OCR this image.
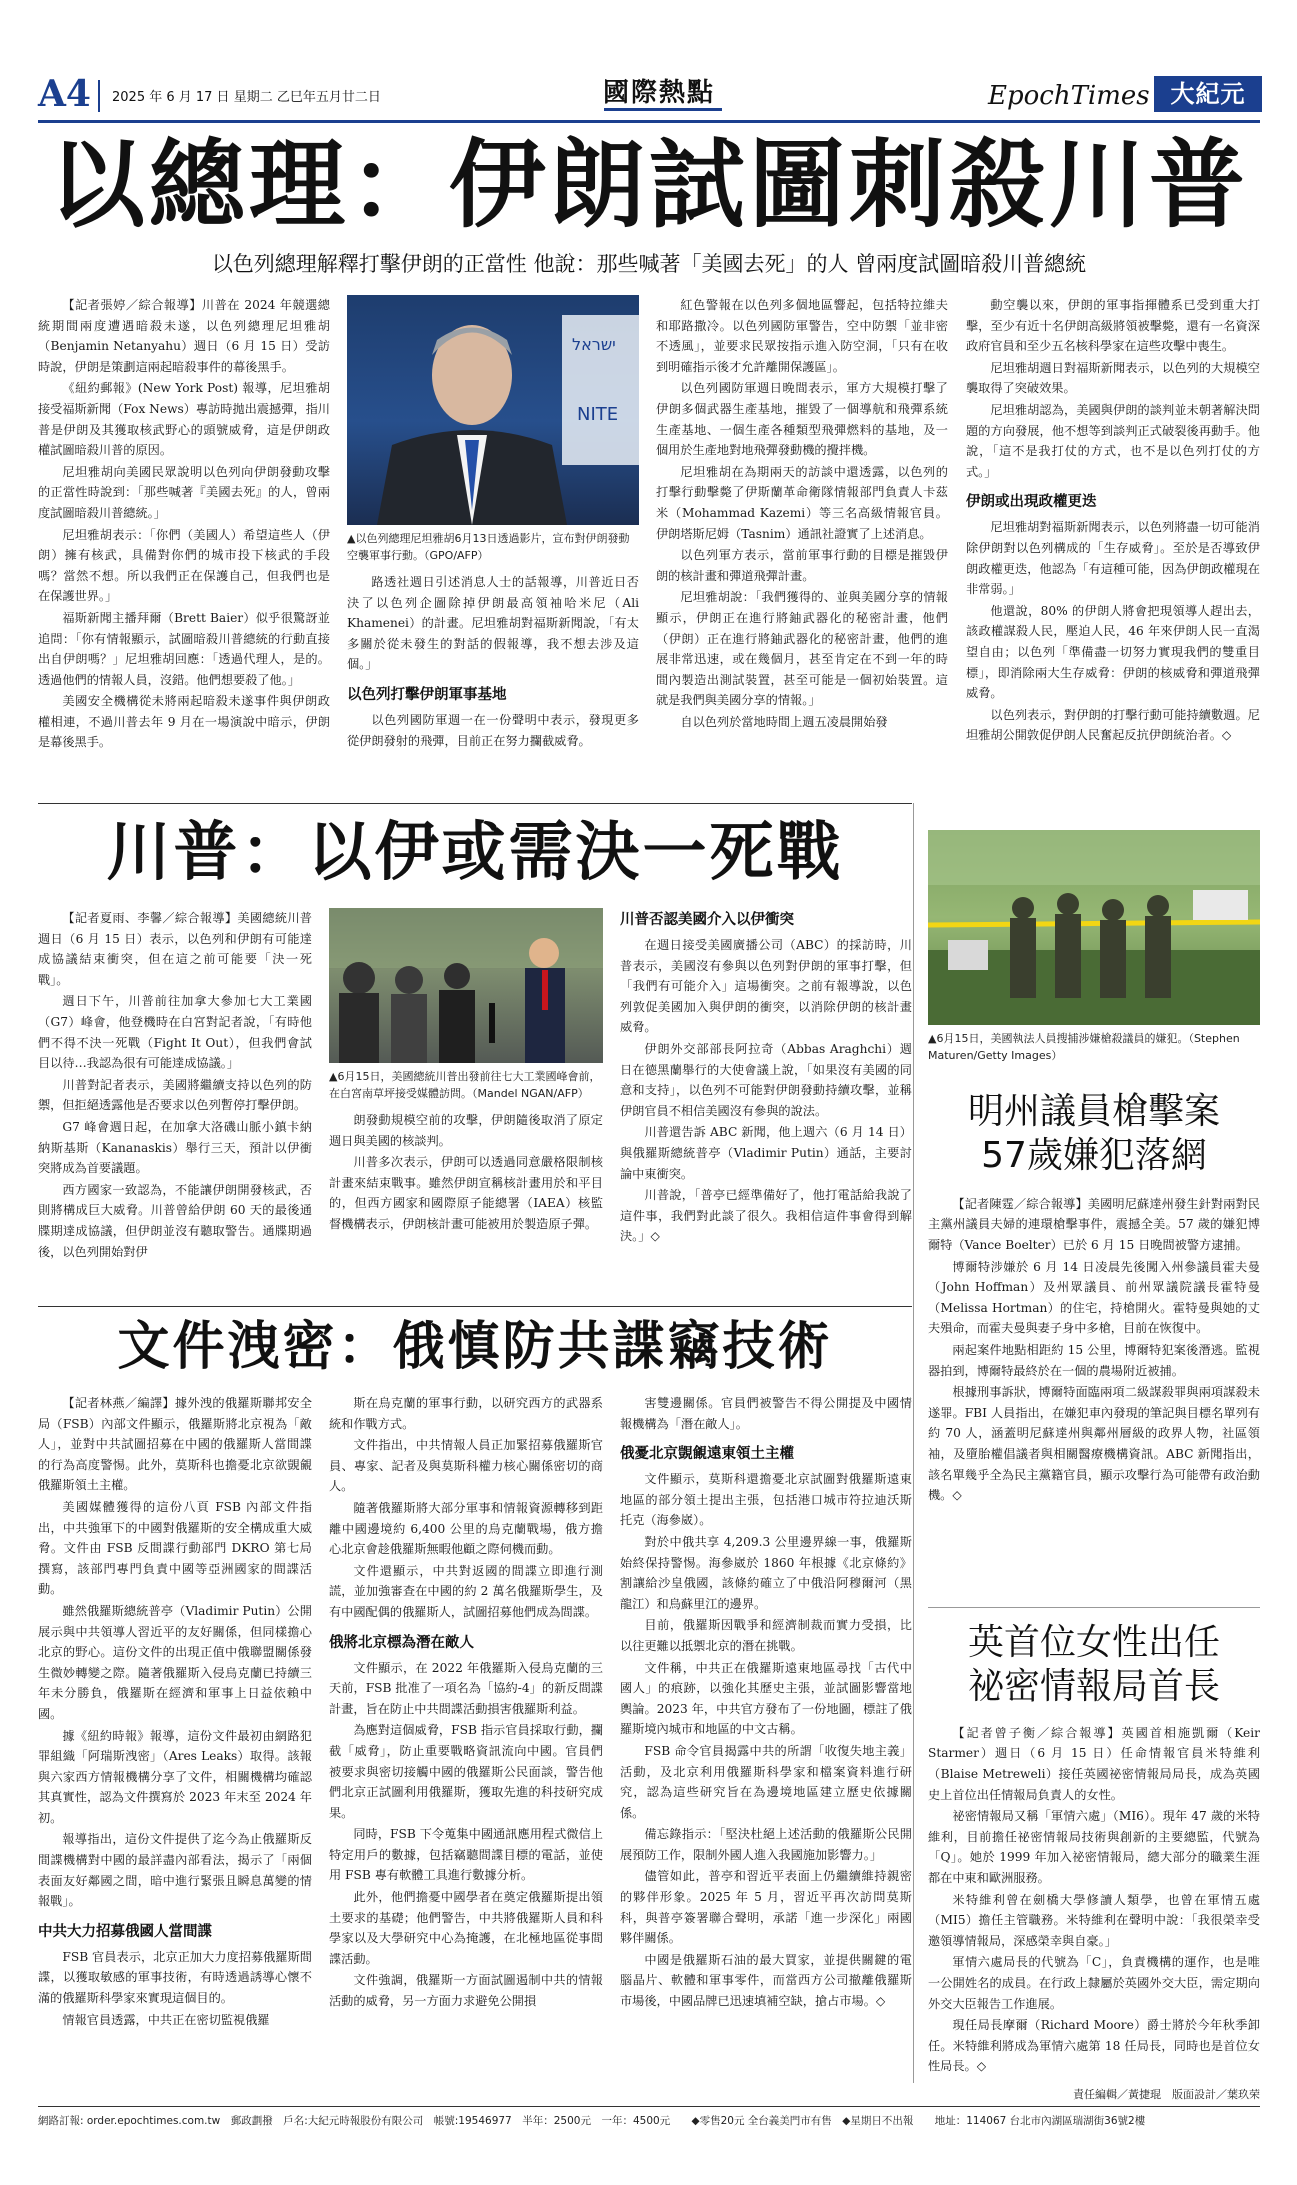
A4 2025 年 6 月 17 日 星期二 乙巳年五月廿二日	國際熱點	EpochTimes 大紀元
以總理：伊朗試圖刺殺川普
以色列總理解釋打擊伊朗的正當性 他說：那些喊著「美國去死」的人 曾兩度試圖暗殺川普總統

【記者張婷／綜合報導】川普在 2024 年競選總統期間兩度遭遇暗殺未遂，以色列總理尼坦雅胡（Benjamin Netanyahu）週日（6 月 15 日）受訪時說，伊朗是策劃這兩起暗殺事件的幕後黑手。

《紐約郵報》(New York Post) 報導，尼坦雅胡接受福斯新聞（Fox News）專訪時拋出震撼彈，指川普是伊朗及其獲取核武野心的頭號威脅，這是伊朗政權試圖暗殺川普的原因。

尼坦雅胡向美國民眾說明以色列向伊朗發動攻擊的正當性時說到：「那些喊著『美國去死』的人，曾兩度試圖暗殺川普總統。」

尼坦雅胡表示：「你們（美國人）希望這些人（伊朗）擁有核武，具備對你們的城市投下核武的手段嗎？當然不想。所以我們正在保護自己，但我們也是在保護世界。」

福斯新聞主播拜爾（Brett Baier）似乎很驚訝並追問：「你有情報顯示，試圖暗殺川普總統的行動直接出自伊朗嗎？」尼坦雅胡回應：「透過代理人，是的。透過他們的情報人員，沒錯。他們想要殺了他。」

美國安全機構從未將兩起暗殺未遂事件與伊朗政權相連，不過川普去年 9 月在一場演說中暗示，伊朗是幕後黑手。

ישראל
NITE
▲以色列總理尼坦雅胡6月13日透過影片，宣布對伊朗發動空襲軍事行動。（GPO/AFP）

路透社週日引述消息人士的話報導，川普近日否決了以色列企圖除掉伊朗最高領袖哈米尼（Ali Khamenei）的計畫。尼坦雅胡對福斯新聞說，「有太多關於從未發生的對話的假報導，我不想去涉及這個。」

以色列打擊伊朗軍事基地

以色列國防軍週一在一份聲明中表示，發現更多從伊朗發射的飛彈，目前正在努力攔截威脅。

紅色警報在以色列多個地區響起，包括特拉維夫和耶路撒冷。以色列國防軍警告，空中防禦「並非密不透風」，並要求民眾按指示進入防空洞，「只有在收到明確指示後才允許離開保護區」。

以色列國防軍週日晚間表示，軍方大規模打擊了伊朗多個武器生產基地，摧毀了一個導航和飛彈系統生產基地、一個生產各種類型飛彈燃料的基地，及一個用於生產地對地飛彈發動機的攪拌機。

尼坦雅胡在為期兩天的訪談中還透露，以色列的打擊行動擊斃了伊斯蘭革命衛隊情報部門負責人卡茲米（Mohammad Kazemi）等三名高級情報官員。伊朗塔斯尼姆（Tasnim）通訊社證實了上述消息。

以色列軍方表示，當前軍事行動的目標是摧毀伊朗的核計畫和彈道飛彈計畫。

尼坦雅胡說：「我們獲得的、並與美國分享的情報顯示，伊朗正在進行將鈾武器化的秘密計畫，他們（伊朗）正在進行將鈾武器化的秘密計畫，他們的進展非常迅速，或在幾個月，甚至肯定在不到一年的時間內製造出測試裝置，甚至可能是一個初始裝置。這就是我們與美國分享的情報。」

自以色列於當地時間上週五凌晨開始發

動空襲以來，伊朗的軍事指揮體系已受到重大打擊，至少有近十名伊朗高級將領被擊斃，還有一名資深政府官員和至少五名核科學家在這些攻擊中喪生。

尼坦雅胡週日對福斯新聞表示，以色列的大規模空襲取得了突破效果。

尼坦雅胡認為，美國與伊朗的談判並未朝著解決問題的方向發展，他不想等到談判正式破裂後再動手。他說，「這不是我打仗的方式，也不是以色列打仗的方式。」

伊朗或出現政權更迭

尼坦雅胡對福斯新聞表示，以色列將盡一切可能消除伊朗對以色列構成的「生存威脅」。至於是否導致伊朗政權更迭，他認為「有這種可能，因為伊朗政權現在非常弱。」

他還說，80% 的伊朗人將會把現領導人趕出去，該政權謀殺人民，壓迫人民，46 年來伊朗人民一直渴望自由；以色列「準備盡一切努力實現我們的雙重目標」，即消除兩大生存威脅：伊朗的核威脅和彈道飛彈威脅。

以色列表示，對伊朗的打擊行動可能持續數週。尼坦雅胡公開敦促伊朗人民奮起反抗伊朗統治者。◇

川普：以伊或需決一死戰

【記者夏雨、李馨／綜合報導】美國總統川普週日（6 月 15 日）表示，以色列和伊朗有可能達成協議結束衝突，但在這之前可能要「決一死戰」。

週日下午，川普前往加拿大參加七大工業國（G7）峰會，他登機時在白宮對記者說，「有時他們不得不決一死戰（Fight It Out），但我們會試目以待…我認為很有可能達成協議。」

川普對記者表示，美國將繼續支持以色列的防禦，但拒絕透露他是否要求以色列暫停打擊伊朗。

G7 峰會週日起，在加拿大洛磯山脈小鎮卡納納斯基斯（Kananaskis）舉行三天，預計以伊衝突將成為首要議題。

西方國家一致認為，不能讓伊朗開發核武，否則將構成巨大威脅。川普曾給伊朗 60 天的最後通牒期達成協議，但伊朗並沒有聽取警告。通牒期過後，以色列開始對伊

▲6月15日，美國總統川普出發前往七大工業國峰會前，在白宮南草坪接受媒體訪問。（Mandel NGAN/AFP）

朗發動規模空前的攻擊，伊朗隨後取消了原定週日與美國的核談判。

川普多次表示，伊朗可以透過同意嚴格限制核計畫來結束戰事。雖然伊朗宣稱核計畫用於和平目的，但西方國家和國際原子能總署（IAEA）核監督機構表示，伊朗核計畫可能被用於製造原子彈。

川普否認美國介入以伊衝突

在週日接受美國廣播公司（ABC）的採訪時，川普表示，美國沒有參與以色列對伊朗的軍事打擊，但「我們有可能介入」這場衝突。之前有報導說，以色列敦促美國加入與伊朗的衝突，以消除伊朗的核計畫威脅。

伊朗外交部部長阿拉奇（Abbas Araghchi）週日在德黑蘭舉行的大使會議上說，「如果沒有美國的同意和支持」，以色列不可能對伊朗發動持續攻擊，並稱伊朗官員不相信美國沒有參與的說法。

川普還告訴 ABC 新聞，他上週六（6 月 14 日）與俄羅斯總統普亭（Vladimir Putin）通話，主要討論中東衝突。

川普說，「普亭已經準備好了，他打電話給我說了這件事，我們對此談了很久。我相信這件事會得到解決。」◇

▲6月15日，美國執法人員搜捕涉嫌槍殺議員的嫌犯。（Stephen Maturen/Getty Images）
明州議員槍擊案
57歲嫌犯落網

【記者陳霆／綜合報導】美國明尼蘇達州發生針對兩對民主黨州議員夫婦的連環槍擊事件，震撼全美。57 歲的嫌犯博爾特（Vance Boelter）已於 6 月 15 日晚間被警方逮捕。

博爾特涉嫌於 6 月 14 日凌晨先後闖入州參議員霍夫曼（John Hoffman）及州眾議員、前州眾議院議長霍特曼（Melissa Hortman）的住宅，持槍開火。霍特曼與她的丈夫殞命，而霍夫曼與妻子身中多槍，目前在恢復中。

兩起案件地點相距約 15 公里，博爾特犯案後潛逃。監視器拍到，博爾特最終於在一個的農場附近被捕。

根據刑事訴狀，博爾特面臨兩項二級謀殺罪與兩項謀殺未遂罪。FBI 人員指出，在嫌犯車內發現的筆記與目標名單列有約 70 人，涵蓋明尼蘇達州與鄰州層級的政界人物，社區領袖，及墮胎權倡議者與相關醫療機構資訊。ABC 新聞指出，該名單幾乎全為民主黨籍官員，顯示攻擊行為可能帶有政治動機。◇

英首位女性出任
祕密情報局首長

【記者曾子衡／綜合報導】英國首相施凱爾（Keir Starmer）週日（6 月 15 日）任命情報官員米特維利（Blaise Metreweli）接任英國祕密情報局局長，成為英國史上首位出任情報局負責人的女性。

祕密情報局又稱「軍情六處」（MI6）。現年 47 歲的米特維利，目前擔任祕密情報局技術與創新的主要總監，代號為「Q」。她於 1999 年加入祕密情報局，總大部分的職業生涯都在中東和歐洲服務。

米特維利曾在劍橋大學修讀人類學，也曾在軍情五處（MI5）擔任主管職務。米特維利在聲明中說：「我很榮幸受邀領導情報局，深感榮幸與自豪。」

軍情六處局長的代號為「C」，負責機構的運作，也是唯一公開姓名的成員。在行政上隸屬於英國外交大臣，需定期向外交大臣報告工作進展。

現任局長摩爾（Richard Moore）爵士將於今年秋季卸任。米特維利將成為軍情六處第 18 任局長，同時也是首位女性局長。◇

文件洩密：俄慎防共諜竊技術

【記者林燕／編譯】據外洩的俄羅斯聯邦安全局（FSB）內部文件顯示，俄羅斯將北京視為「敵人」，並對中共試圖招募在中國的俄羅斯人當間諜的行為高度警惕。此外，莫斯科也擔憂北京欲覬覦俄羅斯領土主權。

美國媒體獲得的這份八頁 FSB 內部文件指出，中共強軍下的中國對俄羅斯的安全構成重大威脅。文件由 FSB 反間諜行動部門 DKRO 第七局撰寫，該部門專門負責中國等亞洲國家的間諜活動。

雖然俄羅斯總統普亭（Vladimir Putin）公開展示與中共領導人習近平的友好關係，但同樣擔心北京的野心。這份文件的出現正值中俄聯盟關係發生微妙轉變之際。隨著俄羅斯入侵烏克蘭已持續三年未分勝負，俄羅斯在經濟和軍事上日益依賴中國。

據《紐約時報》報導，這份文件最初由網路犯罪組織「阿瑞斯洩密」（Ares Leaks）取得。該報與六家西方情報機構分享了文件，相關機構均確認其真實性，認為文件撰寫於 2023 年末至 2024 年初。

報導指出，這份文件提供了迄今為止俄羅斯反間諜機構對中國的最詳盡內部看法，揭示了「兩個表面友好鄰國之間，暗中進行緊張且瞬息萬變的情報戰」。

中共大力招募俄國人當間諜

FSB 官員表示，北京正加大力度招募俄羅斯間諜，以獲取敏感的軍事技術，有時透過誘導心懷不滿的俄羅斯科學家來實現這個目的。

情報官員透露，中共正在密切監視俄羅

斯在烏克蘭的軍事行動，以研究西方的武器系統和作戰方式。

文件指出，中共情報人員正加緊招募俄羅斯官員、專家、記者及與莫斯科權力核心關係密切的商人。

隨著俄羅斯將大部分軍事和情報資源轉移到距離中國邊境約 6,400 公里的烏克蘭戰場，俄方擔心北京會趁俄羅斯無暇他顧之際伺機而動。

文件還顯示，中共對返國的間諜立即進行測謊，並加強審查在中國的約 2 萬名俄羅斯學生，及有中國配偶的俄羅斯人，試圖招募他們成為間諜。

俄將北京標為潛在敵人

文件顯示，在 2022 年俄羅斯入侵烏克蘭的三天前，FSB 批准了一項名為「協約-4」的新反間諜計畫，旨在防止中共間諜活動損害俄羅斯利益。

為應對這個威脅，FSB 指示官員採取行動，攔截「威脅」，防止重要戰略資訊流向中國。官員們被要求與密切接觸中國的俄羅斯公民面談，警告他們北京正試圖利用俄羅斯，獲取先進的科技研究成果。

同時，FSB 下令蒐集中國通訊應用程式微信上特定用戶的數據，包括竊聽間諜目標的電話，並使用 FSB 專有軟體工具進行數據分析。

此外，他們擔憂中國學者在奠定俄羅斯提出領土要求的基礎；他們警告，中共將俄羅斯人員和科學家以及大學研究中心為掩護，在北極地區從事間諜活動。

文件強調，俄羅斯一方面試圖遏制中共的情報活動的威脅，另一方面力求避免公開損

害雙邊關係。官員們被警告不得公開提及中國情報機構為「潛在敵人」。

俄憂北京覬覦遠東領土主權

文件顯示，莫斯科還擔憂北京試圖對俄羅斯遠東地區的部分領土提出主張，包括港口城市符拉迪沃斯托克（海參崴）。

對於中俄共享 4,209.3 公里邊界線一事，俄羅斯始終保持警惕。海參崴於 1860 年根據《北京條約》割讓給沙皇俄國，該條約確立了中俄沿阿穆爾河（黑龍江）和烏蘇里江的邊界。

目前，俄羅斯因戰爭和經濟制裁而實力受損，比以往更難以抵禦北京的潛在挑戰。

文件稱，中共正在俄羅斯遠東地區尋找「古代中國人」的痕跡，以強化其歷史主張，並試圖影響當地輿論。2023 年，中共官方發布了一份地圖，標註了俄羅斯境內城市和地區的中文古稱。

FSB 命令官員揭露中共的所謂「收復失地主義」活動，及北京利用俄羅斯科學家和檔案資料進行研究，認為這些研究旨在為邊境地區建立歷史依據關係。

備忘錄指示：「堅決杜絕上述活動的俄羅斯公民開展預防工作，限制外國人進入我國施加影響力。」

儘管如此，普亭和習近平表面上仍繼續維持親密的夥伴形象。2025 年 5 月，習近平再次訪問莫斯科，與普亭簽署聯合聲明，承諾「進一步深化」兩國夥伴關係。

中國是俄羅斯石油的最大買家，並提供關鍵的電腦晶片、軟體和軍事零件，而當西方公司撤離俄羅斯市場後，中國品牌已迅速填補空缺，搶占市場。◇

責任編輯／黃捷琨　版面設計／葉玖荣
網路訂報: order.epochtimes.com.tw　郵政劃撥　戶名:大紀元時報股份有限公司　帳號:19546977　半年：2500元　一年：4500元 ◆零售20元 全台義美門市有售　◆星期日不出報 地址：114067 台北市內湖區瑞湖街36號2樓
